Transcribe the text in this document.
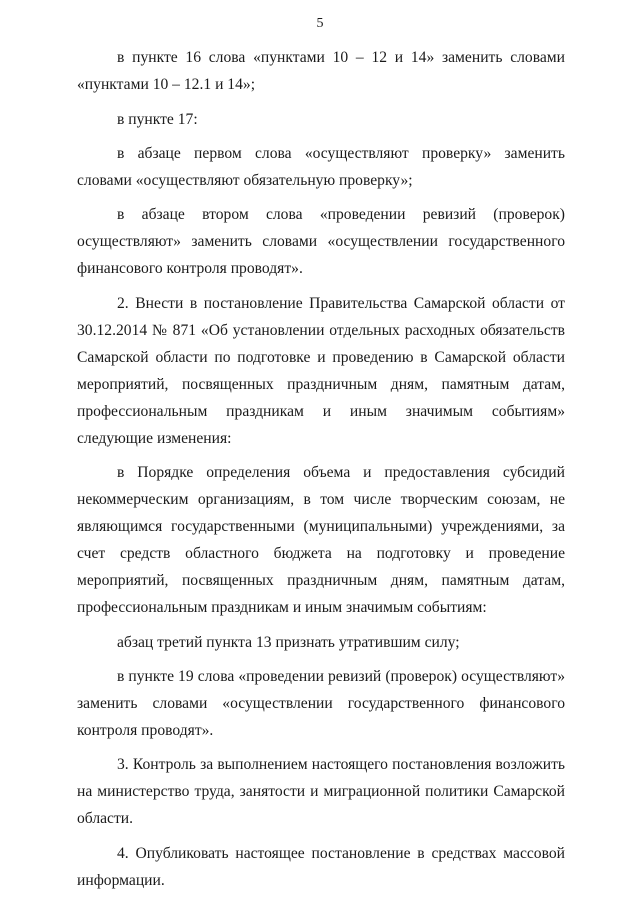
5

в пункте 16 слова «пунктами 10 – 12 и 14» заменить словами «пунктами 10 – 12.1 и 14»;

в пункте 17:

в абзаце первом слова «осуществляют проверку» заменить словами «осуществляют обязательную проверку»;

в абзаце втором слова «проведении ревизий (проверок) осуществляют» заменить словами «осуществлении государственного финансового контроля проводят».

2. Внести в постановление Правительства Самарской области от 30.12.2014 № 871 «Об установлении отдельных расходных обязательств Самарской области по подготовке и проведению в Самарской области мероприятий, посвященных праздничным дням, памятным датам, профессиональным праздникам и иным значимым событиям» следующие изменения:

в Порядке определения объема и предоставления субсидий некоммерческим организациям, в том числе творческим союзам, не являющимся государственными (муниципальными) учреждениями, за счет средств областного бюджета на подготовку и проведение мероприятий, посвященных праздничным дням, памятным датам, профессиональным праздникам и иным значимым событиям:

абзац третий пункта 13 признать утратившим силу;

в пункте 19 слова «проведении ревизий (проверок) осуществляют» заменить словами «осуществлении государственного финансового контроля проводят».

3. Контроль за выполнением настоящего постановления возложить на министерство труда, занятости и миграционной политики Самарской области.

4. Опубликовать настоящее постановление в средствах массовой информации.
